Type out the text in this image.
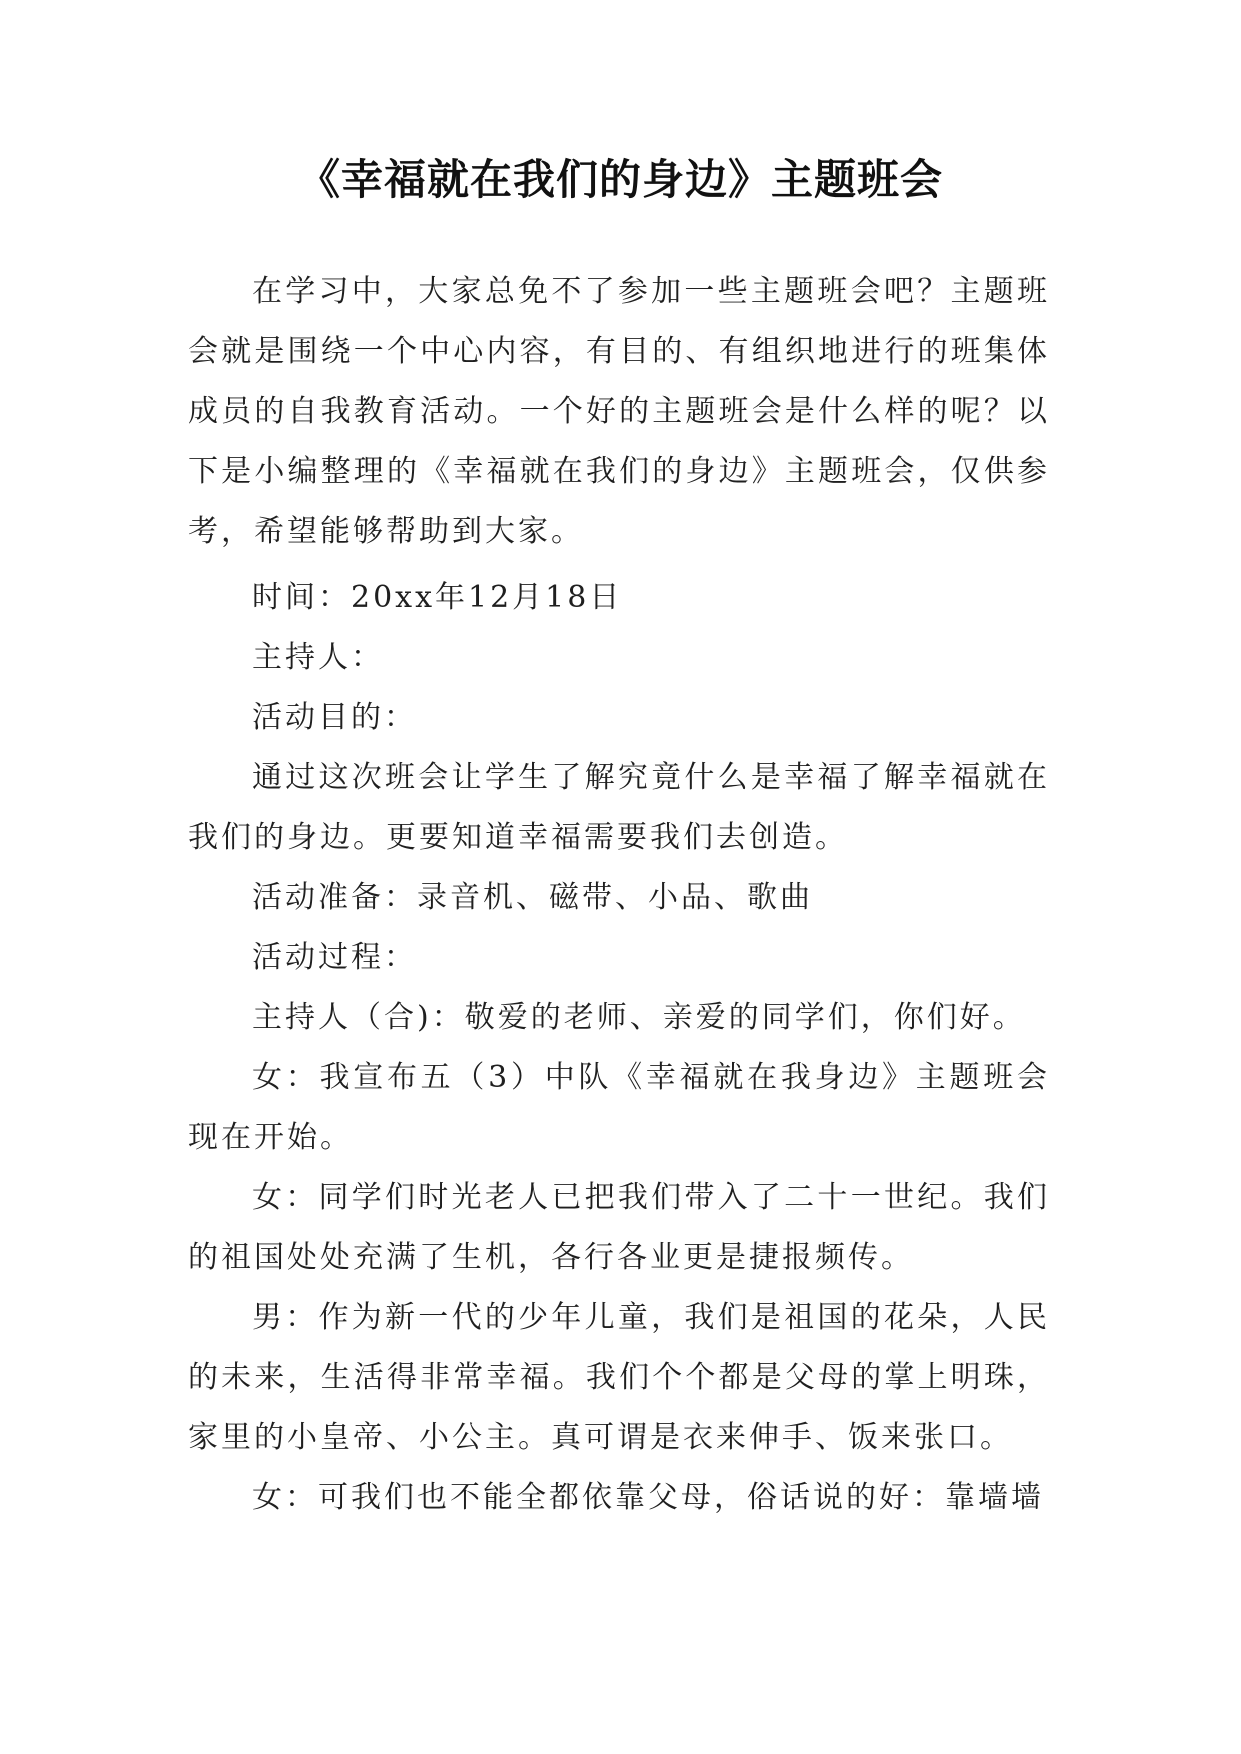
《幸福就在我们的身边》主题班会

在学习中，大家总免不了参加一些主题班会吧？主题班会就是围绕一个中心内容，有目的、有组织地进行的班集体成员的自我教育活动。一个好的主题班会是什么样的呢？以下是小编整理的《幸福就在我们的身边》主题班会，仅供参考，希望能够帮助到大家。

时间：20xx年12月18日

主持人：

活动目的：

通过这次班会让学生了解究竟什么是幸福了解幸福就在我们的身边。更要知道幸福需要我们去创造。

活动准备：录音机、磁带、小品、歌曲

活动过程：

主持人（合)：敬爱的老师、亲爱的同学们，你们好。

女：我宣布五（3）中队《幸福就在我身边》主题班会现在开始。

女：同学们时光老人已把我们带入了二十一世纪。我们的祖国处处充满了生机，各行各业更是捷报频传。

男：作为新一代的少年儿童，我们是祖国的花朵，人民的未来，生活得非常幸福。我们个个都是父母的掌上明珠，家里的小皇帝、小公主。真可谓是衣来伸手、饭来张口。

女：可我们也不能全都依靠父母，俗话说的好：靠墙墙
